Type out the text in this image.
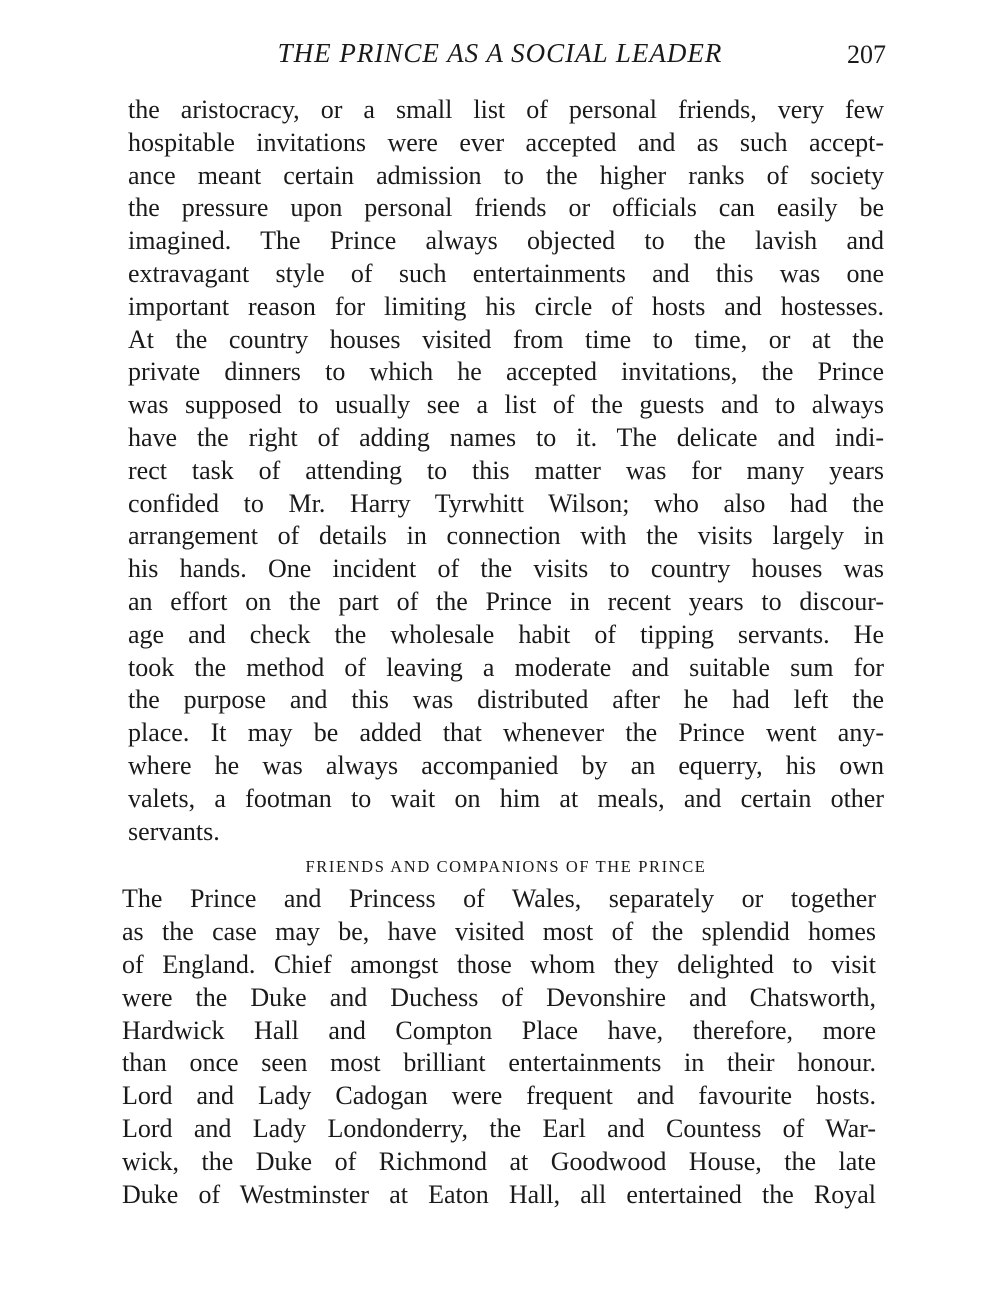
THE PRINCE AS A SOCIAL LEADER	207
the aristocracy, or a small list of personal friends, very few
hospitable invitations were ever accepted and as such accept-
ance meant certain admission to the higher ranks of society
the pressure upon personal friends or officials can easily be
imagined. The Prince always objected to the lavish and
extravagant style of such entertainments and this was one
important reason for limiting his circle of hosts and hostesses.
At the country houses visited from time to time, or at the
private dinners to which he accepted invitations, the Prince
was supposed to usually see a list of the guests and to always
have the right of adding names to it. The delicate and indi-
rect task of attending to this matter was for many years
confided to Mr. Harry Tyrwhitt Wilson; who also had the
arrangement of details in connection with the visits largely in
his hands. One incident of the visits to country houses was
an effort on the part of the Prince in recent years to discour-
age and check the wholesale habit of tipping servants. He
took the method of leaving a moderate and suitable sum for
the purpose and this was distributed after he had left the
place. It may be added that whenever the Prince went any-
where he was always accompanied by an equerry, his own
valets, a footman to wait on him at meals, and certain other
servants.
FRIENDS AND COMPANIONS OF THE PRINCE
The Prince and Princess of Wales, separately or together
as the case may be, have visited most of the splendid homes
of England. Chief amongst those whom they delighted to visit
were the Duke and Duchess of Devonshire and Chatsworth,
Hardwick Hall and Compton Place have, therefore, more
than once seen most brilliant entertainments in their honour.
Lord and Lady Cadogan were frequent and favourite hosts.
Lord and Lady Londonderry, the Earl and Countess of War-
wick, the Duke of Richmond at Goodwood House, the late
Duke of Westminster at Eaton Hall, all entertained the Royal
